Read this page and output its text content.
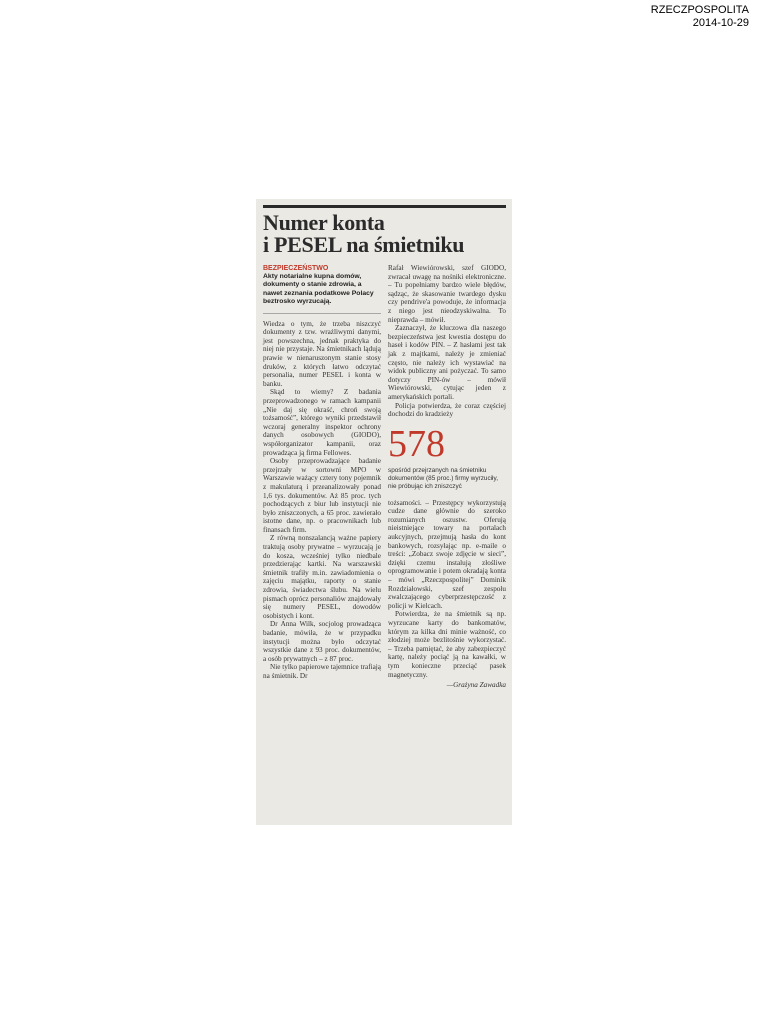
RZECZPOSPOLITA
2014-10-29
Numer konta
i PESEL na śmietniku
BEZPIECZEŃSTWO
Akty notarialne kupna domów, dokumenty o stanie zdrowia, a nawet zeznania podatkowe Polacy beztrosko wyrzucają.

Wiedza o tym, że trzeba niszczyć dokumenty z tzw. wrażliwymi danymi, jest powszechna, jednak praktyka do niej nie przystaje. Na śmietnikach lądują prawie w nienaruszonym stanie stosy druków, z których łatwo odczytać personalia, numer PESEL i konta w banku.

Skąd to wiemy? Z badania przeprowadzonego w ramach kampanii „Nie daj się okraść, chroń swoją tożsamość”, którego wyniki przedstawił wczoraj generalny inspektor ochrony danych osobowych (GIODO), współorganizator kampanii, oraz prowadząca ją firma Fellowes.

Osoby przeprowadzające badanie przejrzały w sortowni MPO w Warszawie ważący cztery tony pojemnik z makulaturą i przeanalizowały ponad 1,6 tys. dokumentów. Aż 85 proc. tych pochodzących z biur lub instytucji nie było zniszczonych, a 65 proc. zawierało istotne dane, np. o pracownikach lub finansach firm.

Z równą nonszalancją ważne papiery traktują osoby prywatne – wyrzucają je do kosza, wcześniej tylko niedbale przedzierając kartki. Na warszawski śmietnik trafiły m.in. zawiadomienia o zajęciu majątku, raporty o stanie zdrowia, świadectwa ślubu. Na wielu pismach oprócz personaliów znajdowały się numery PESEL, dowodów osobistych i kont.

Dr Anna Wilk, socjolog prowadząca badanie, mówiła, że w przypadku instytucji można było odczytać wszystkie dane z 93 proc. dokumentów, a osób prywatnych – z 87 proc.

Nie tylko papierowe tajemnice trafiają na śmietnik. Dr

Rafał Wiewiórowski, szef GIODO, zwracał uwagę na nośniki elektroniczne. – Tu popełniamy bardzo wiele błędów, sądząc, że skasowanie twardego dysku czy pendrive'a powoduje, że informacja z niego jest nieodzyskiwalna. To nieprawda – mówił.

Zaznaczył, że kluczowa dla naszego bezpieczeństwa jest kwestia dostępu do haseł i kodów PIN. – Z hasłami jest tak jak z majtkami, należy je zmieniać często, nie należy ich wystawiać na widok publiczny ani pożyczać. To samo dotyczy PIN-ów – mówił Wiewiórowski, cytując jeden z amerykańskich portali.

Policja potwierdza, że coraz częściej dochodzi do kradzieży

578
spośród przejrzanych na śmietniku dokumentów (85 proc.) firmy wyrzuciły, nie próbując ich zniszczyć

tożsamości. – Przestępcy wykorzystują cudze dane głównie do szeroko rozumianych oszustw. Oferują nieistniejące towary na portalach aukcyjnych, przejmują hasła do kont bankowych, rozsyłając np. e-maile o treści: „Zobacz swoje zdjęcie w sieci”, dzięki czemu instalują złośliwe oprogramowanie i potem okradają konta – mówi „Rzeczpospolitej” Dominik Rozdziałowski, szef zespołu zwalczającego cyberprzestępczość z policji w Kielcach.

Potwierdza, że na śmietnik są np. wyrzucane karty do bankomatów, którym za kilka dni minie ważność, co złodziej może bezlitośnie wykorzystać. – Trzeba pamiętać, że aby zabezpieczyć kartę, należy pociąć ją na kawałki, w tym konieczne przeciąć pasek magnetyczny.

—Grażyna Zawadka
